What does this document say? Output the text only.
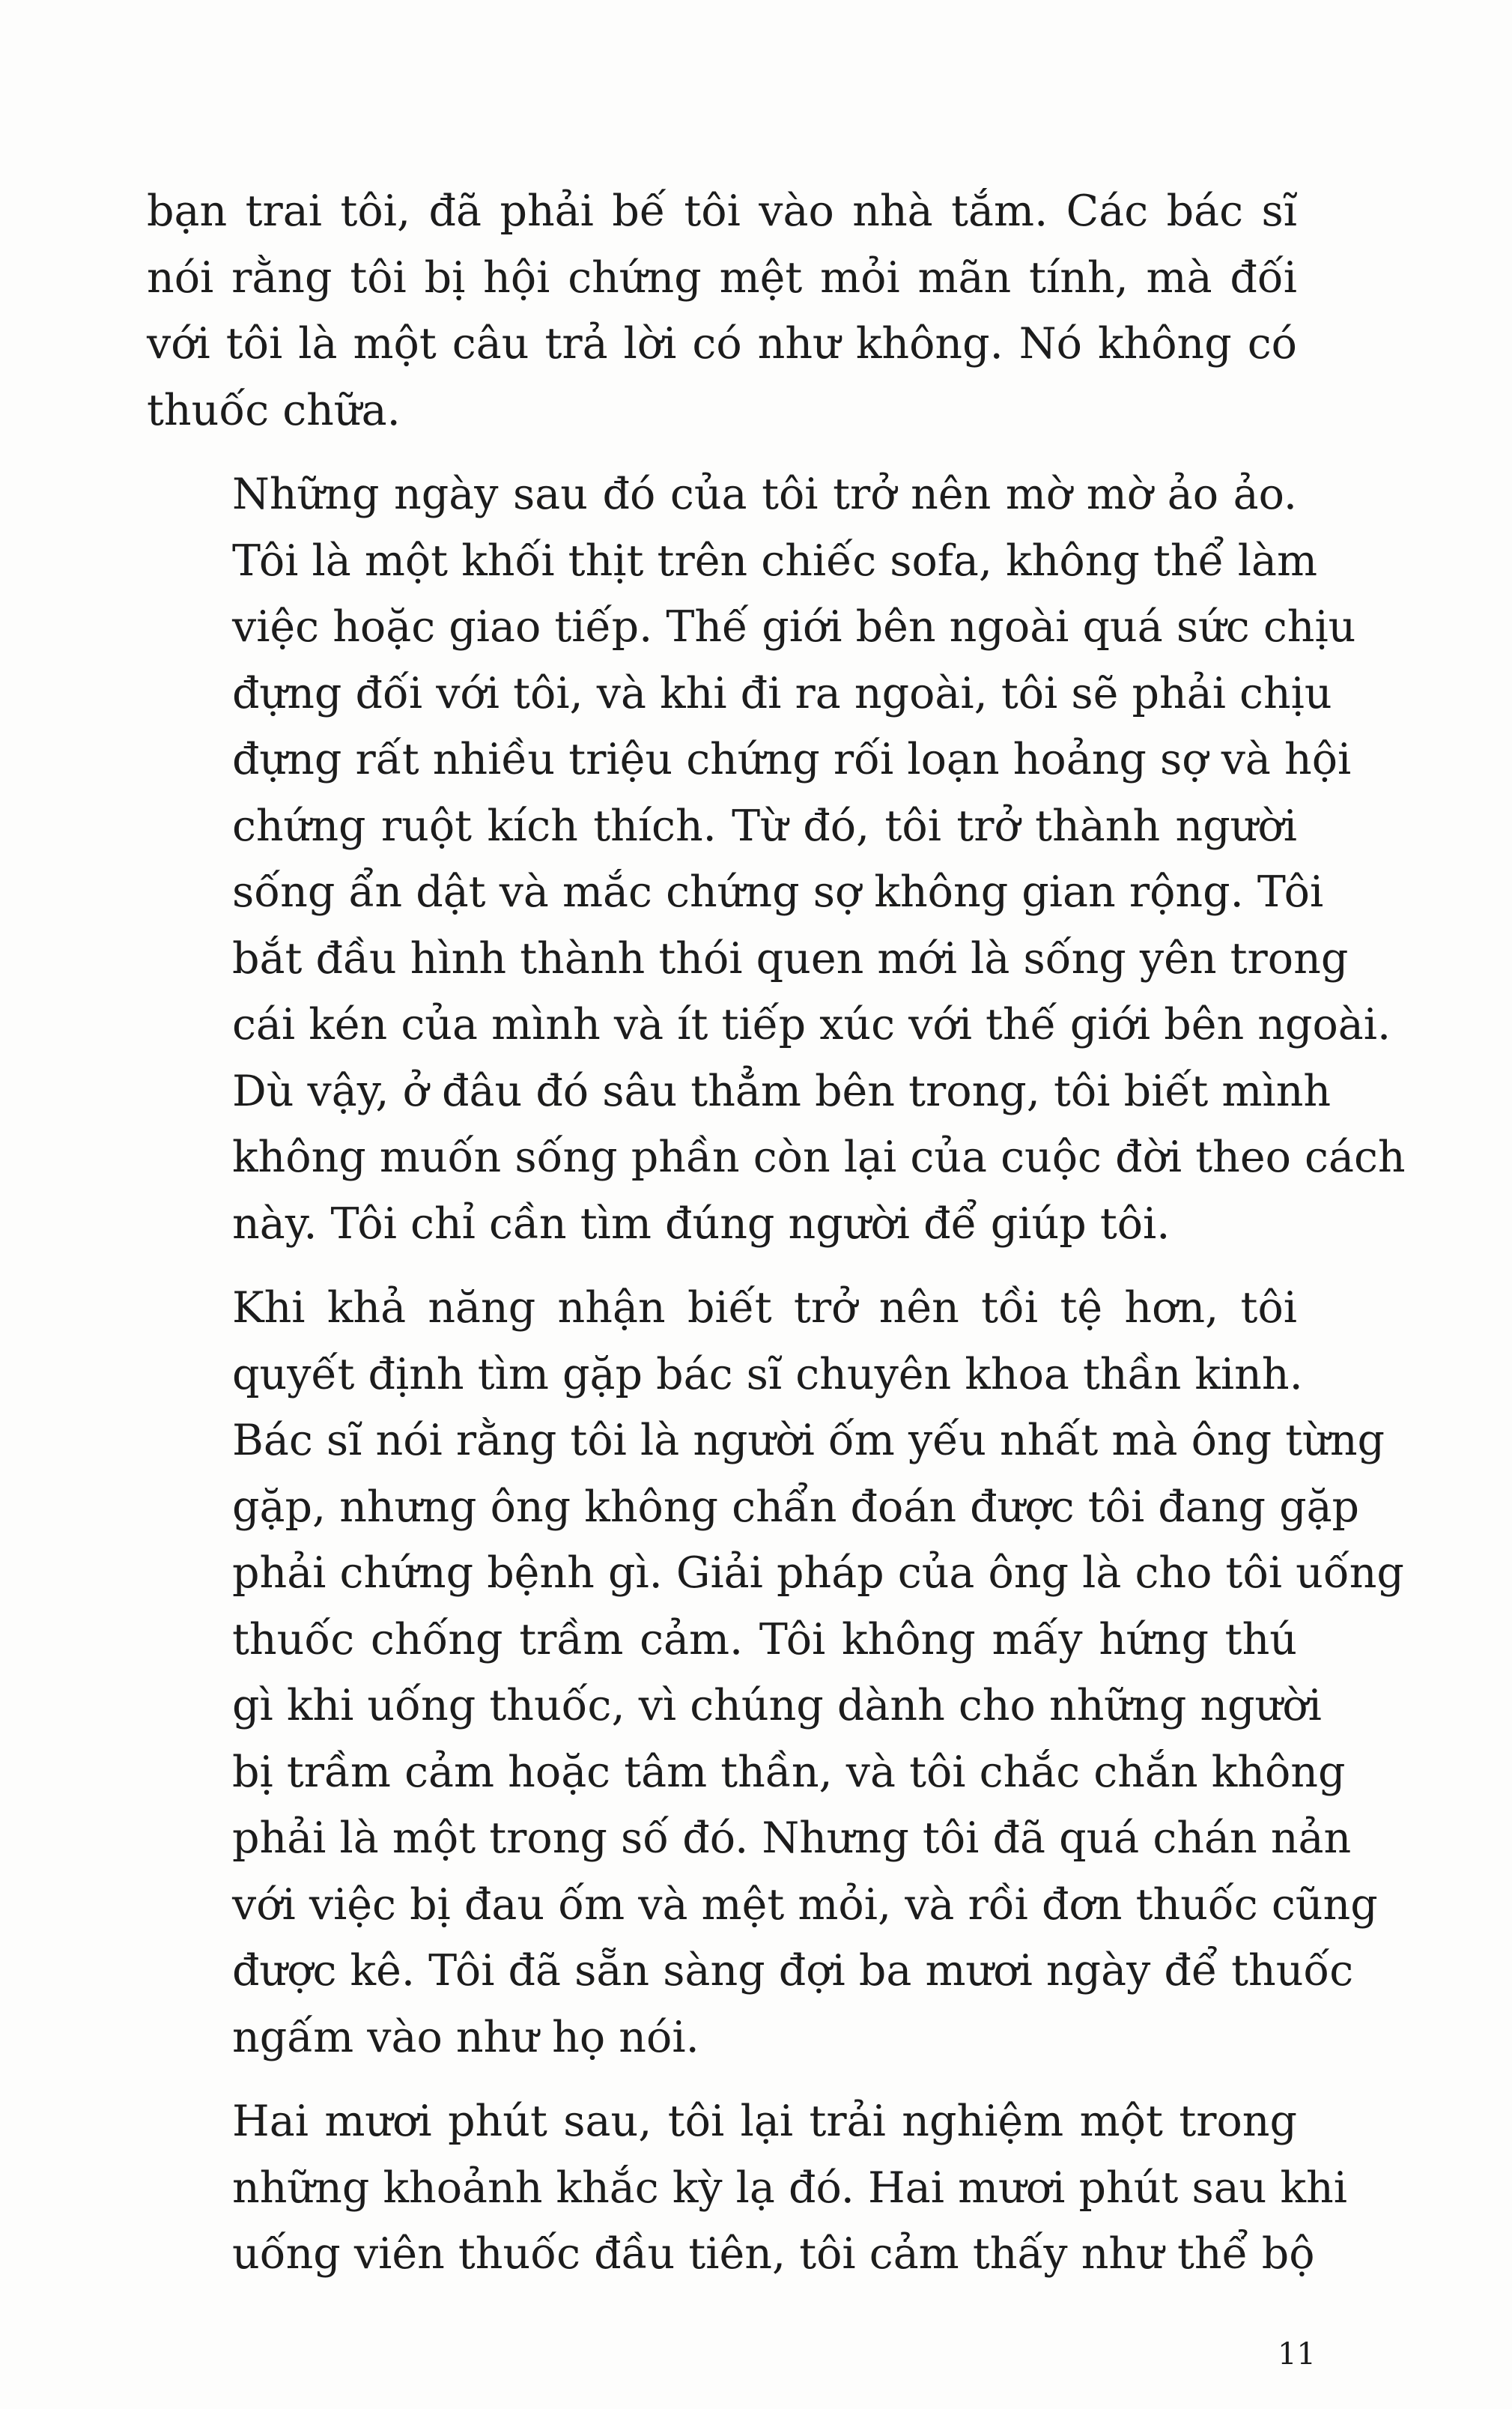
bạn trai tôi, đã phải bế tôi vào nhà tắm. Các bác sĩ
nói rằng tôi bị hội chứng mệt mỏi mãn tính, mà đối
với tôi là một câu trả lời có như không. Nó không có
thuốc chữa.
Những ngày sau đó của tôi trở nên mờ mờ ảo ảo.
Tôi là một khối thịt trên chiếc sofa, không thể làm
việc hoặc giao tiếp. Thế giới bên ngoài quá sức chịu
đựng đối với tôi, và khi đi ra ngoài, tôi sẽ phải chịu
đựng rất nhiều triệu chứng rối loạn hoảng sợ và hội
chứng ruột kích thích. Từ đó, tôi trở thành người
sống ẩn dật và mắc chứng sợ không gian rộng. Tôi
bắt đầu hình thành thói quen mới là sống yên trong
cái kén của mình và ít tiếp xúc với thế giới bên ngoài.
Dù vậy, ở đâu đó sâu thẳm bên trong, tôi biết mình
không muốn sống phần còn lại của cuộc đời theo cách
này. Tôi chỉ cần tìm đúng người để giúp tôi.
Khi khả năng nhận biết trở nên tồi tệ hơn, tôi
quyết định tìm gặp bác sĩ chuyên khoa thần kinh.
Bác sĩ nói rằng tôi là người ốm yếu nhất mà ông từng
gặp, nhưng ông không chẩn đoán được tôi đang gặp
phải chứng bệnh gì. Giải pháp của ông là cho tôi uống
thuốc chống trầm cảm. Tôi không mấy hứng thú
gì khi uống thuốc, vì chúng dành cho những người
bị trầm cảm hoặc tâm thần, và tôi chắc chắn không
phải là một trong số đó. Nhưng tôi đã quá chán nản
với việc bị đau ốm và mệt mỏi, và rồi đơn thuốc cũng
được kê. Tôi đã sẵn sàng đợi ba mươi ngày để thuốc
ngấm vào như họ nói.
Hai mươi phút sau, tôi lại trải nghiệm một trong
những khoảnh khắc kỳ lạ đó. Hai mươi phút sau khi
uống viên thuốc đầu tiên, tôi cảm thấy như thể bộ
11
